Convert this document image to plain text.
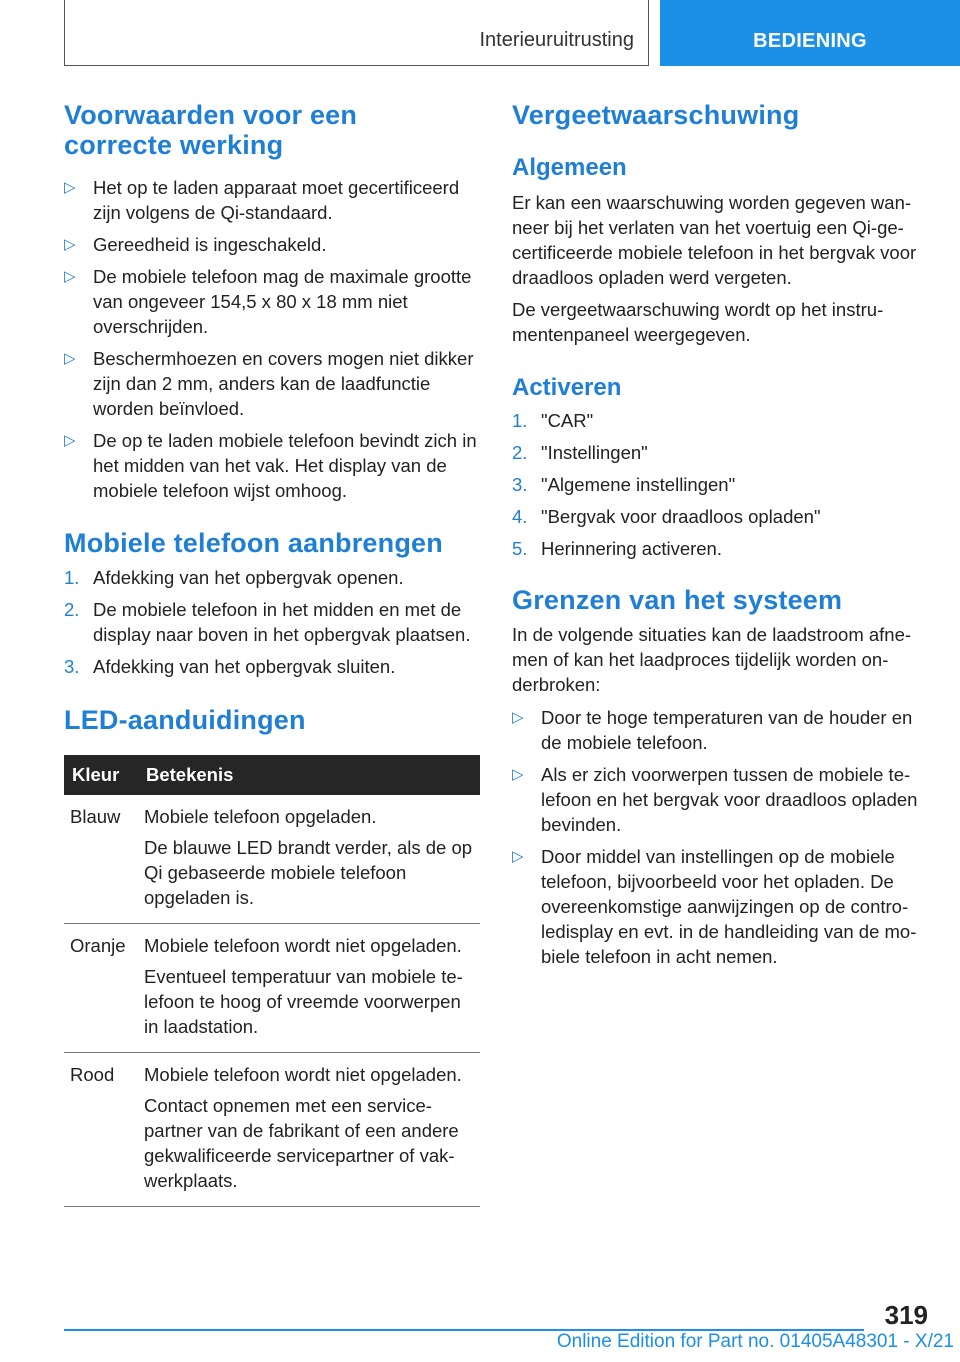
Interieuruitrusting	BEDIENING
Voorwaarden voor een correcte werking
▷ Het op te laden apparaat moet gecertificeerd zijn volgens de Qi-standaard.
▷ Gereedheid is ingeschakeld.
▷ De mobiele telefoon mag de maximale grootte van ongeveer 154,5 x 80 x 18 mm niet overschrijden.
▷ Beschermhoezen en covers mogen niet dikker zijn dan 2 mm, anders kan de laadfunctie worden beïnvloed.
▷ De op te laden mobiele telefoon bevindt zich in het midden van het vak. Het display van de mobiele telefoon wijst omhoog.
Mobiele telefoon aanbrengen
1. Afdekking van het opbergvak openen.
2. De mobiele telefoon in het midden en met de display naar boven in het opbergvak plaatsen.
3. Afdekking van het opbergvak sluiten.
LED-aanduidingen
Kleur	Betekenis
Blauw	Mobiele telefoon opgeladen.

De blauwe LED brandt verder, als de op Qi gebaseerde mobiele telefoon opgeladen is.

Oranje	Mobiele telefoon wordt niet opgeladen.

Eventueel temperatuur van mobiele telefoon te hoog of vreemde voorwerpen in laadstation.

Rood	Mobiele telefoon wordt niet opgeladen.

Contact opnemen met een servicepartner van de fabrikant of een andere gekwalificeerde servicepartner of vakwerkplaats.

Vergeetwaarschuwing
Algemeen

Er kan een waarschuwing worden gegeven wanneer bij het verlaten van het voertuig een Qi-gecertificeerde mobiele telefoon in het bergvak voor draadloos opladen werd vergeten.

De vergeetwaarschuwing wordt op het instrumentenpaneel weergegeven.

Activeren
1. "CAR"
2. "Instellingen"
3. "Algemene instellingen"
4. "Bergvak voor draadloos opladen"
5. Herinnering activeren.
Grenzen van het systeem

In de volgende situaties kan de laadstroom afnemen of kan het laadproces tijdelijk worden onderbroken:

▷ Door te hoge temperaturen van de houder en de mobiele telefoon.
▷ Als er zich voorwerpen tussen de mobiele telefoon en het bergvak voor draadloos opladen bevinden.
▷ Door middel van instellingen op de mobiele telefoon, bijvoorbeeld voor het opladen. De overeenkomstige aanwijzingen op de controledisplay en evt. in de handleiding van de mobiele telefoon in acht nemen.
319
Online Edition for Part no. 01405A48301 - X/21
